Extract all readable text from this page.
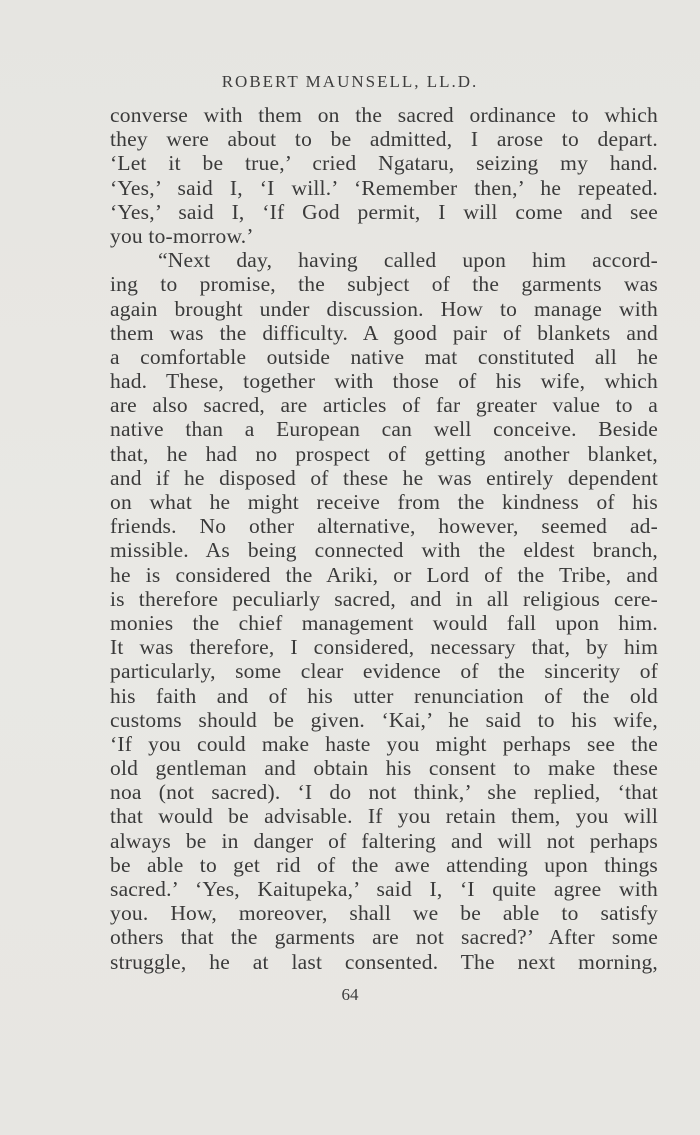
ROBERT MAUNSELL, LL.D.
converse with them on the sacred ordinance to which
they were about to be admitted, I arose to depart.
‘Let it be true,’ cried Ngataru, seizing my hand.
‘Yes,’ said I, ‘I will.’ ‘Remember then,’ he repeated.
‘Yes,’ said I, ‘If God permit, I will come and see
you to-morrow.’
“Next day, having called upon him accord-
ing to promise, the subject of the garments was
again brought under discussion. How to manage with
them was the difficulty. A good pair of blankets and
a comfortable outside native mat constituted all he
had. These, together with those of his wife, which
are also sacred, are articles of far greater value to a
native than a European can well conceive. Beside
that, he had no prospect of getting another blanket,
and if he disposed of these he was entirely dependent
on what he might receive from the kindness of his
friends. No other alternative, however, seemed ad-
missible. As being connected with the eldest branch,
he is considered the Ariki, or Lord of the Tribe, and
is therefore peculiarly sacred, and in all religious cere-
monies the chief management would fall upon him.
It was therefore, I considered, necessary that, by him
particularly, some clear evidence of the sincerity of
his faith and of his utter renunciation of the old
customs should be given. ‘Kai,’ he said to his wife,
‘If you could make haste you might perhaps see the
old gentleman and obtain his consent to make these
noa (not sacred). ‘I do not think,’ she replied, ‘that
that would be advisable. If you retain them, you will
always be in danger of faltering and will not perhaps
be able to get rid of the awe attending upon things
sacred.’ ‘Yes, Kaitupeka,’ said I, ‘I quite agree with
you. How, moreover, shall we be able to satisfy
others that the garments are not sacred?’ After some
struggle, he at last consented. The next morning,
64
